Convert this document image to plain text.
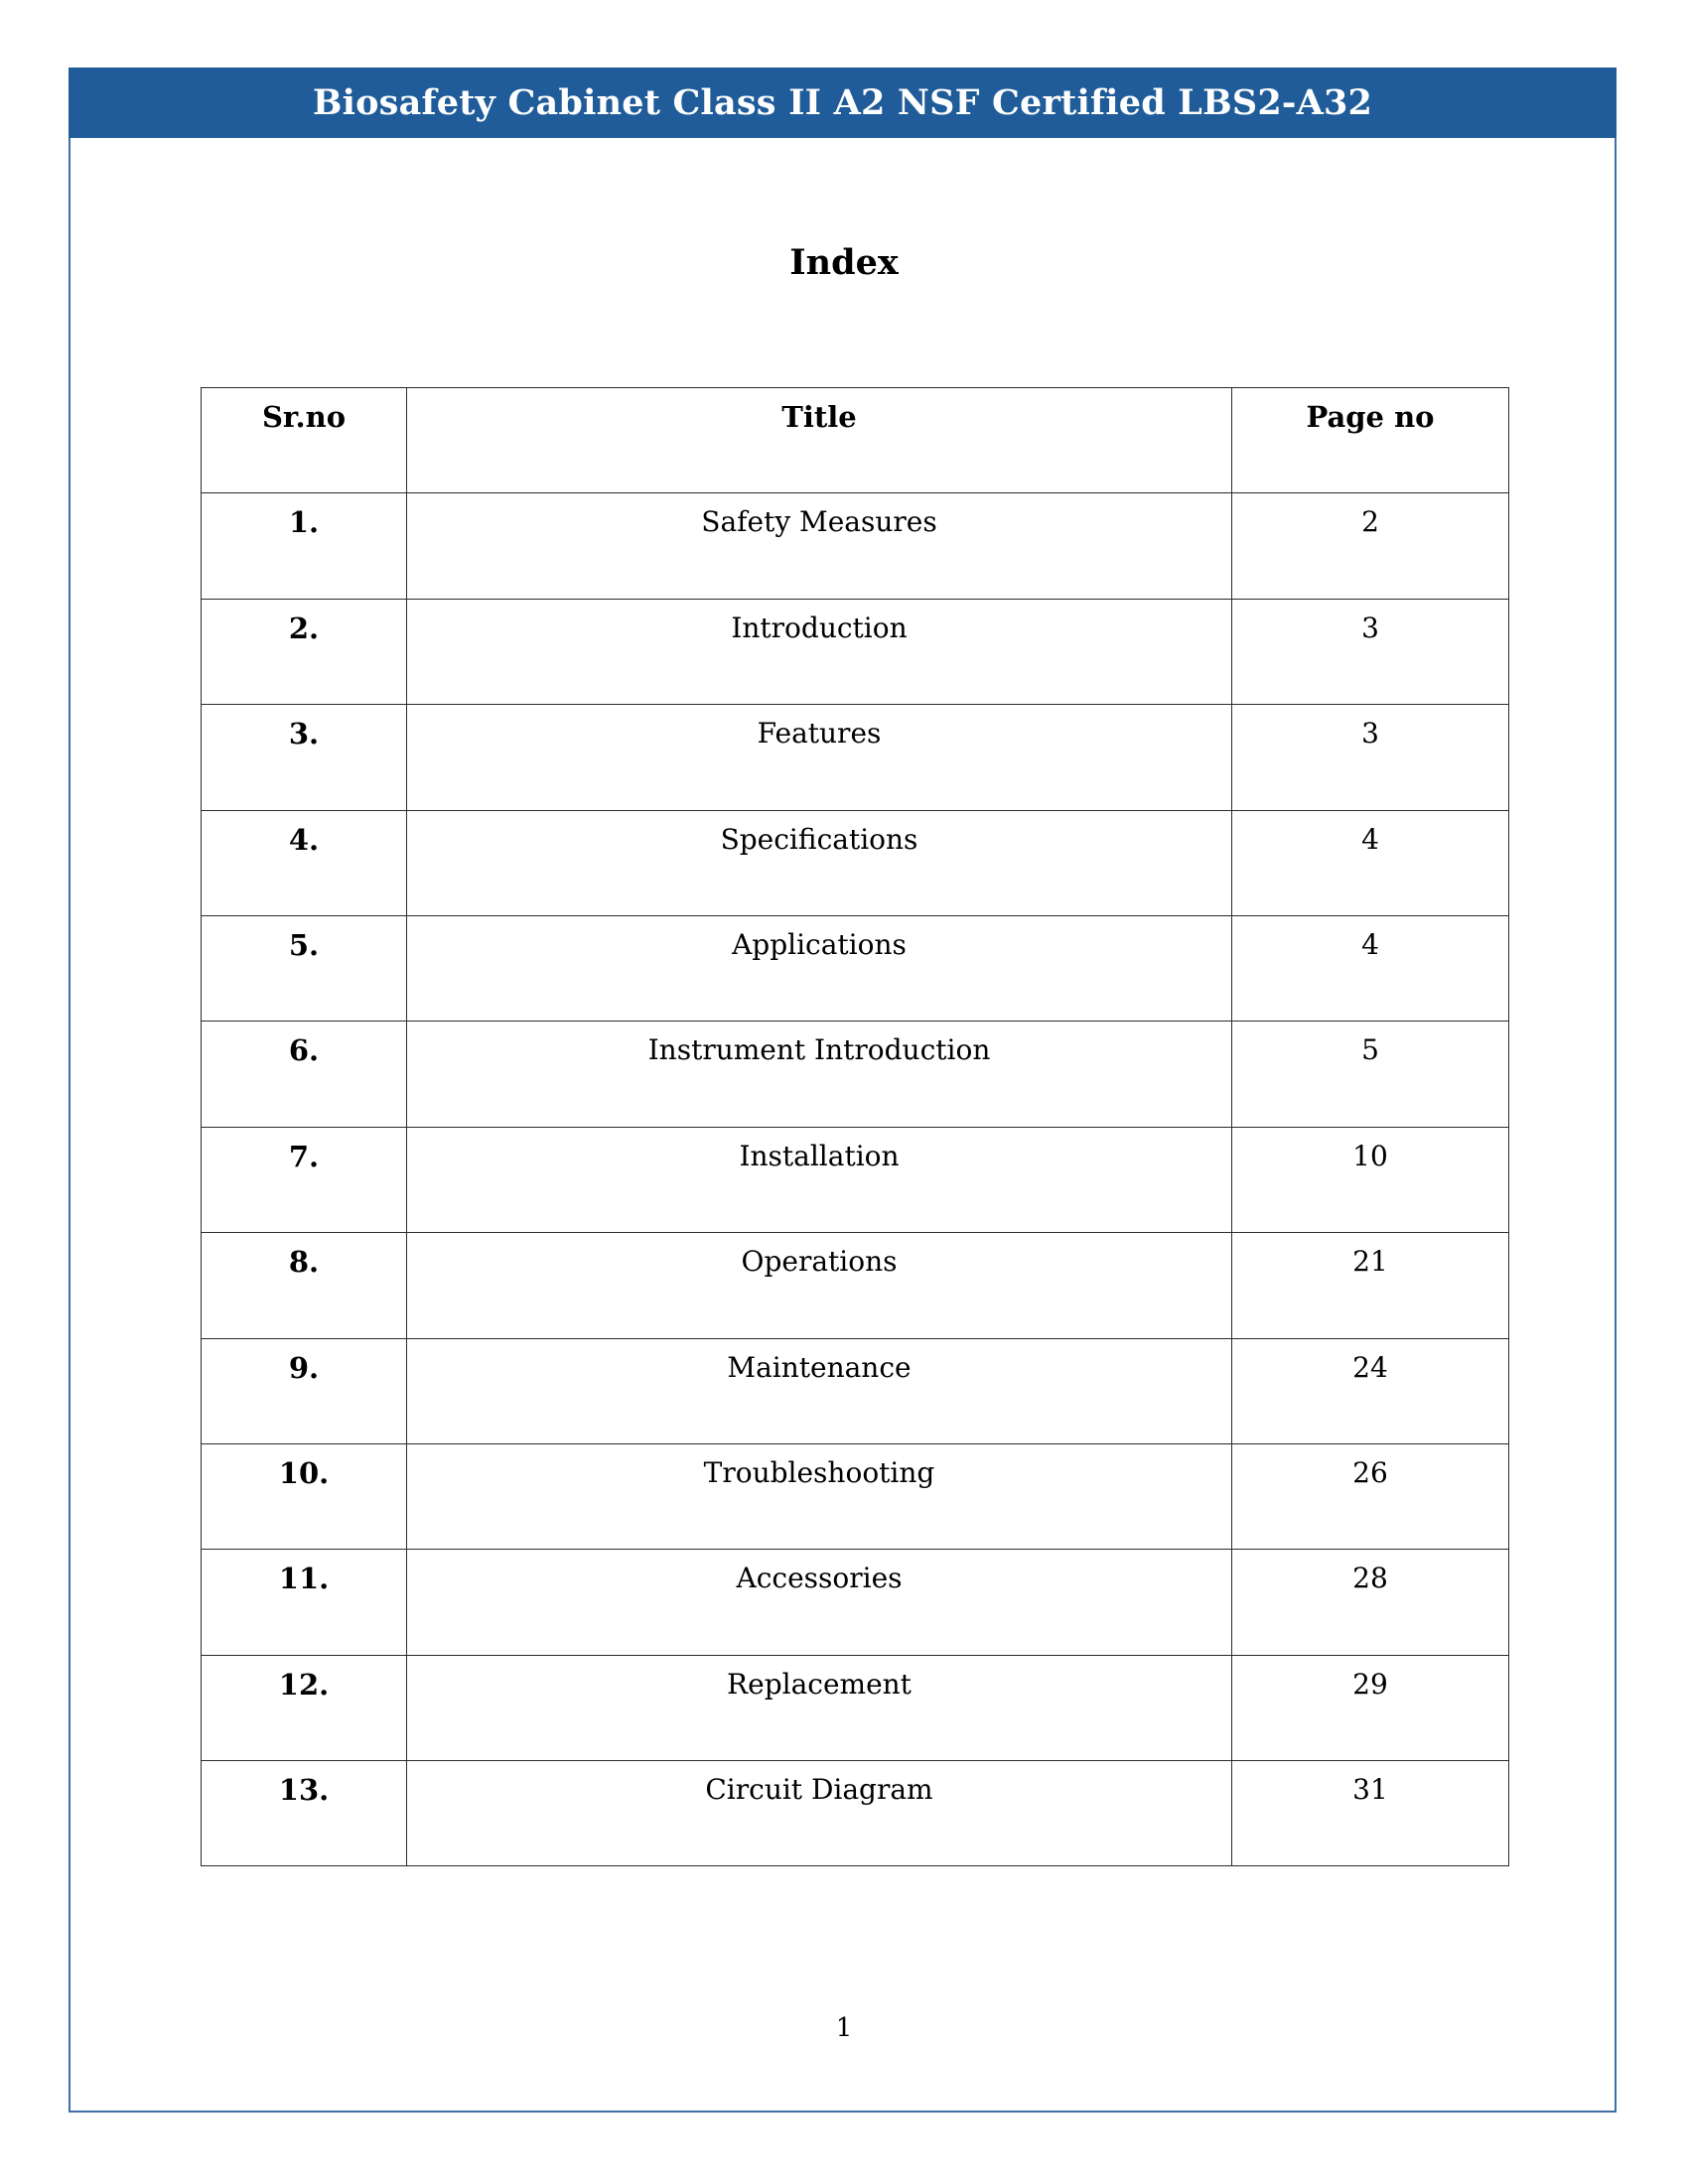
Biosafety Cabinet Class II A2 NSF Certified LBS2-A32
Index
Sr.no	Title	Page no
1.	Safety Measures	2
2.	Introduction	3
3.	Features	3
4.	Specifications	4
5.	Applications	4
6.	Instrument Introduction	5
7.	Installation	10
8.	Operations	21
9.	Maintenance	24
10.	Troubleshooting	26
11.	Accessories	28
12.	Replacement	29
13.	Circuit Diagram	31
1
